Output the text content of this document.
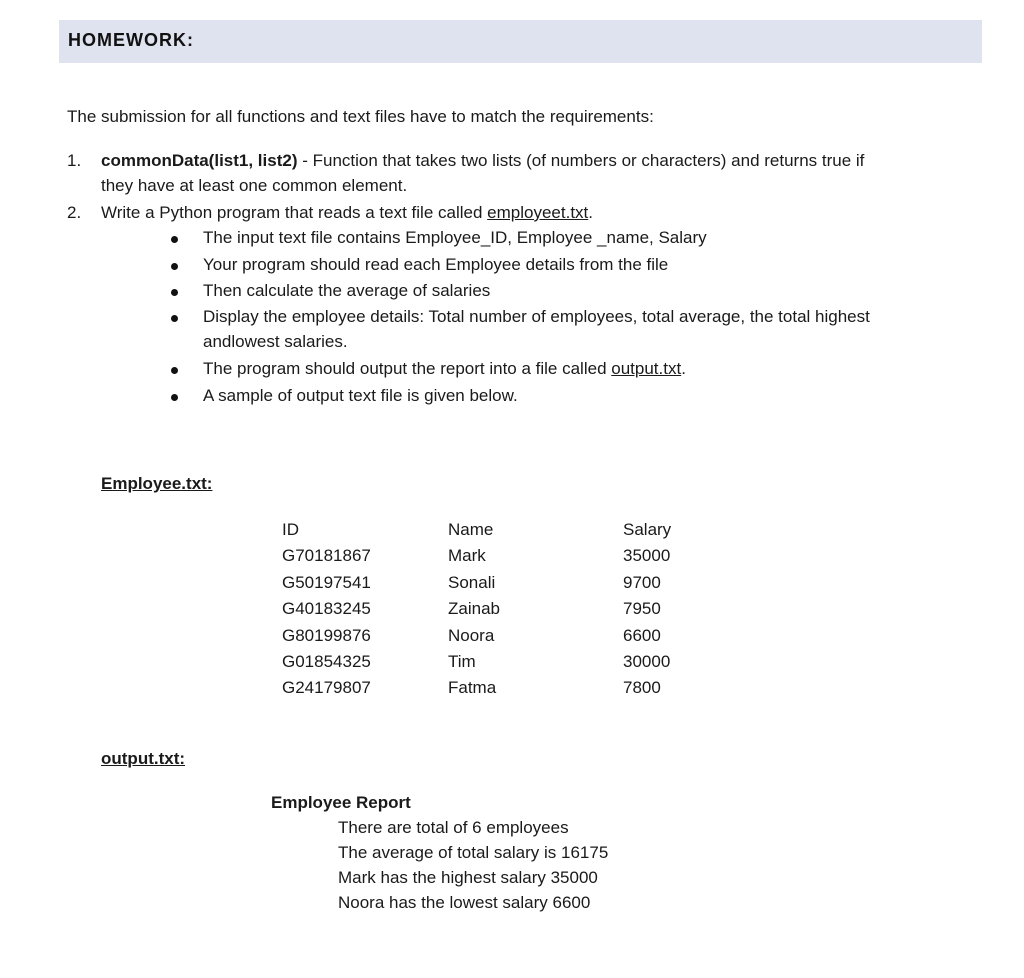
HOMEWORK:
The submission for all functions and text files have to match the requirements:
1. commonData(list1, list2) - Function that takes two lists (of numbers or characters) and returns true if
they have at least one common element.
2. Write a Python program that reads a text file called employeet.txt.
The input text file contains Employee_ID, Employee _name, Salary
Your program should read each Employee details from the file
Then calculate the average of salaries
Display the employee details: Total number of employees, total average, the total highest
andlowest salaries.
The program should output the report into a file called output.txt.
A sample of output text file is given below.
Employee.txt:
ID	Name	Salary
G70181867	Mark	35000
G50197541	Sonali	9700
G40183245	Zainab	7950
G80199876	Noora	6600
G01854325	Tim	30000
G24179807	Fatma	7800
output.txt:
Employee Report
There are total of 6 employees
The average of total salary is 16175
Mark has the highest salary 35000
Noora has the lowest salary 6600
